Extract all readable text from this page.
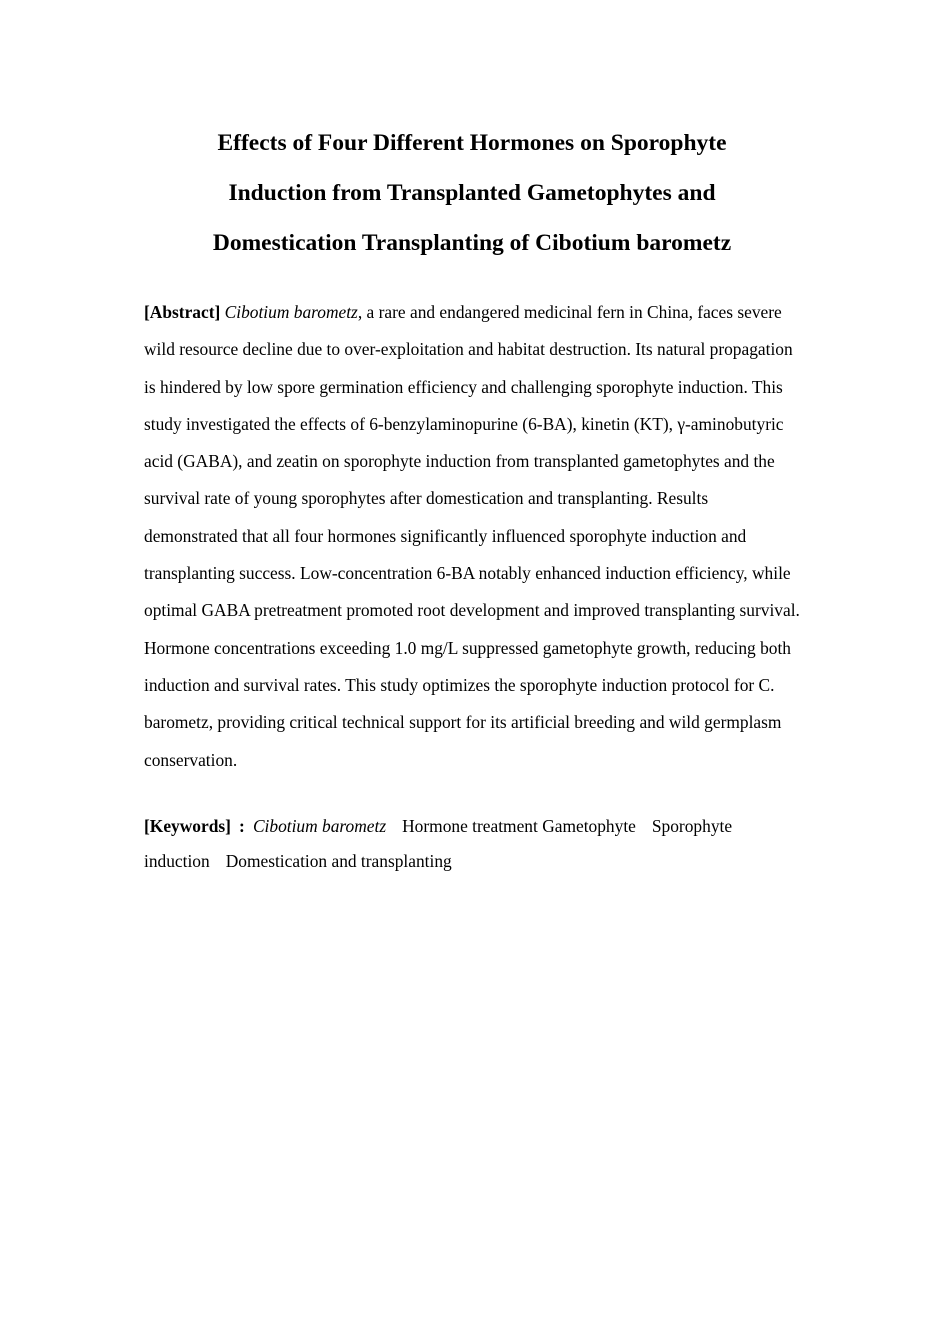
Effects of Four Different Hormones on Sporophyte
Induction from Transplanted Gametophytes and
Domestication Transplanting of Cibotium barometz

[Abstract] Cibotium barometz, a rare and endangered medicinal fern in China, faces severe wild resource decline due to over-exploitation and habitat destruction. Its natural propagation is hindered by low spore germination efficiency and challenging sporophyte induction. This study investigated the effects of 6-benzylaminopurine (6-BA), kinetin (KT), γ-aminobutyric acid (GABA), and zeatin on sporophyte induction from transplanted gametophytes and the survival rate of young sporophytes after domestication and transplanting. Results demonstrated that all four hormones significantly influenced sporophyte induction and transplanting success. Low-concentration 6-BA notably enhanced induction efficiency, while optimal GABA pretreatment promoted root development and improved transplanting survival. Hormone concentrations exceeding 1.0 mg/L suppressed gametophyte growth, reducing both induction and survival rates. This study optimizes the sporophyte induction protocol for C. barometz, providing critical technical support for its artificial breeding and wild germplasm conservation.

[Keywords] : Cibotium barometz Hormone treatment Gametophyte Sporophyte induction Domestication and transplanting
